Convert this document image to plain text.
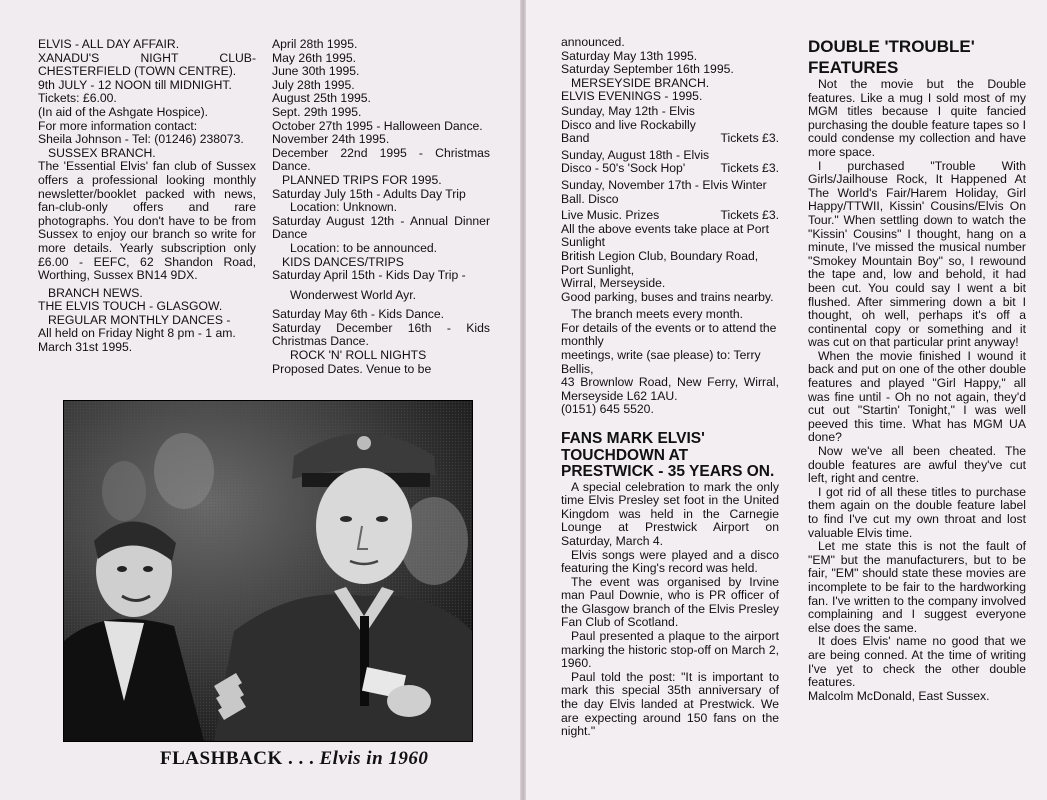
ELVIS - ALL DAY AFFAIR.

XANADU'S NIGHT CLUB-CHESTERFIELD (TOWN CENTRE).

9th JULY - 12 NOON till MIDNIGHT.

Tickets: £6.00.

(In aid of the Ashgate Hospice).

For more information contact:

Sheila Johnson - Tel: (01246) 238073.

SUSSEX BRANCH.

The 'Essential Elvis' fan club of Sussex offers a professional looking monthly newsletter/booklet packed with news, fan-club-only offers and rare photographs. You don't have to be from Sussex to enjoy our branch so write for more details. Yearly subscription only £6.00 - EEFC, 62 Shandon Road, Worthing, Sussex BN14 9DX.

BRANCH NEWS.

THE ELVIS TOUCH - GLASGOW.

REGULAR MONTHLY DANCES -

All held on Friday Night 8 pm - 1 am.

March 31st 1995.

April 28th 1995.

May 26th 1995.

June 30th 1995.

July 28th 1995.

August 25th 1995.

Sept. 29th 1995.

October 27th 1995 - Halloween Dance.

November 24th 1995.

December 22nd 1995 - Christmas Dance.

PLANNED TRIPS FOR 1995.

Saturday July 15th - Adults Day Trip

Location: Unknown.

Saturday August 12th - Annual Dinner Dance

Location: to be announced.

KIDS DANCES/TRIPS

Saturday April 15th - Kids Day Trip -

Wonderwest World Ayr.

Saturday May 6th - Kids Dance.

Saturday December 16th - Kids Christmas Dance.

ROCK 'N' ROLL NIGHTS

Proposed Dates. Venue to be

FLASHBACK . . . Elvis in 1960

announced.

Saturday May 13th 1995.

Saturday September 16th 1995.

MERSEYSIDE BRANCH.

ELVIS EVENINGS - 1995.

Sunday, May 12th - Elvis Disco and live Rockabilly Band	Tickets £3.

Sunday, August 18th - Elvis Disco - 50's 'Sock Hop'	Tickets £3.

Sunday, November 17th - Elvis Winter Ball. Disco

Live Music. Prizes	Tickets £3.

All the above events take place at Port Sunlight

British Legion Club, Boundary Road, Port Sunlight,

Wirral, Merseyside.

Good parking, buses and trains nearby.

The branch meets every month.

For details of the events or to attend the monthly

meetings, write (sae please) to: Terry Bellis,

43 Brownlow Road, New Ferry, Wirral, Merseyside L62 1AU.

(0151) 645 5520.

FANS MARK ELVIS' TOUCHDOWN AT PRESTWICK - 35 YEARS ON.

A special celebration to mark the only time Elvis Presley set foot in the United Kingdom was held in the Carnegie Lounge at Prestwick Airport on Saturday, March 4.

Elvis songs were played and a disco featuring the King's record was held.

The event was organised by Irvine man Paul Downie, who is PR officer of the Glasgow branch of the Elvis Presley Fan Club of Scotland.

Paul presented a plaque to the airport marking the historic stop-off on March 2, 1960.

Paul told the post: "It is important to mark this special 35th anniversary of the day Elvis landed at Prestwick. We are expecting around 150 fans on the night."

DOUBLE 'TROUBLE' FEATURES

Not the movie but the Double features. Like a mug I sold most of my MGM titles because I quite fancied purchasing the double feature tapes so I could condense my collection and have more space.

I purchased "Trouble With Girls/Jailhouse Rock, It Happened At The World's Fair/Harem Holiday, Girl Happy/TTWII, Kissin' Cousins/Elvis On Tour." When settling down to watch the "Kissin' Cousins" I thought, hang on a minute, I've missed the musical number "Smokey Mountain Boy" so, I rewound the tape and, low and behold, it had been cut. You could say I went a bit flushed. After simmering down a bit I thought, oh well, perhaps it's off a continental copy or something and it was cut on that particular print anyway!

When the movie finished I wound it back and put on one of the other double features and played "Girl Happy," all was fine until - Oh no not again, they'd cut out "Startin' Tonight," I was well peeved this time. What has MGM UA done?

Now we've all been cheated. The double features are awful they've cut left, right and centre.

I got rid of all these titles to purchase them again on the double feature label to find I've cut my own throat and lost valuable Elvis time.

Let me state this is not the fault of "EM" but the manufacturers, but to be fair, "EM" should state these movies are incomplete to be fair to the hardworking fan. I've written to the company involved complaining and I suggest everyone else does the same.

It does Elvis' name no good that we are being conned. At the time of writing I've yet to check the other double features.

Malcolm McDonald, East Sussex.
